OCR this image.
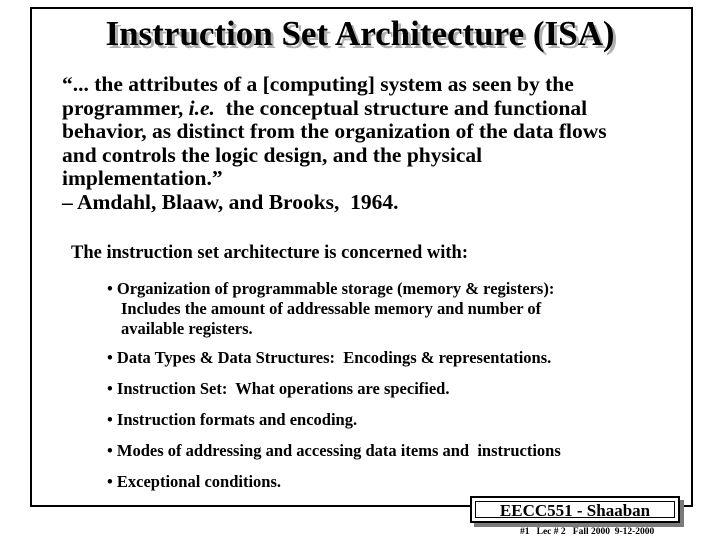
Instruction Set Architecture (ISA)
“... the attributes of a [computing] system as seen by the
programmer, i.e.  the conceptual structure and functional
behavior, as distinct from the organization of the data flows
and controls the logic design, and the physical
implementation.”
– Amdahl, Blaaw, and Brooks,  1964.
The instruction set architecture is concerned with:
• Organization of programmable storage (memory & registers):
Includes the amount of addressable memory and number of
available registers.
• Data Types & Data Structures:  Encodings & representations.
• Instruction Set:  What operations are specified.
• Instruction formats and encoding.
• Modes of addressing and accessing data items and  instructions
• Exceptional conditions.
EECC551 - Shaaban
#1   Lec # 2   Fall 2000  9-12-2000
